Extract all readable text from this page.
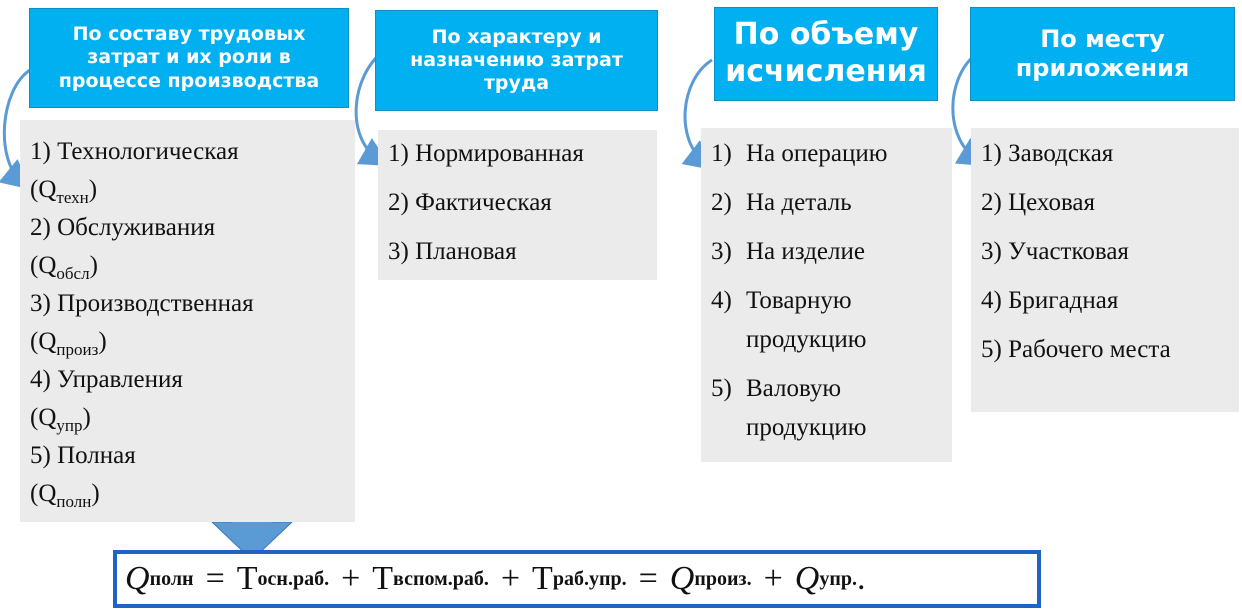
По составу трудовых затрат и их роли в процессе производства
1) Технологическая
$(Q_{техн})$
2) Обслуживания
$(Q_{обсл})$
3) Производственная
$(Q_{произ})$
4) Управления
$(Q_{упр})$
5) Полная
$(Q_{полн})$
По характеру и назначению затрат труда
1) Нормированная
2) Фактическая
3) Плановая
По объему исчисления
1) На операцию
2) На деталь
3) На изделие
4) Товарную
продукцию
5) Валовую
продукцию
По месту приложения
1) Заводская
2) Цеховая
3) Участковая
4) Бригадная
5) Рабочего места
Q полн = T осн.раб. + T вспом.раб. + T раб.упр. = Q произ. + Q упр. .
